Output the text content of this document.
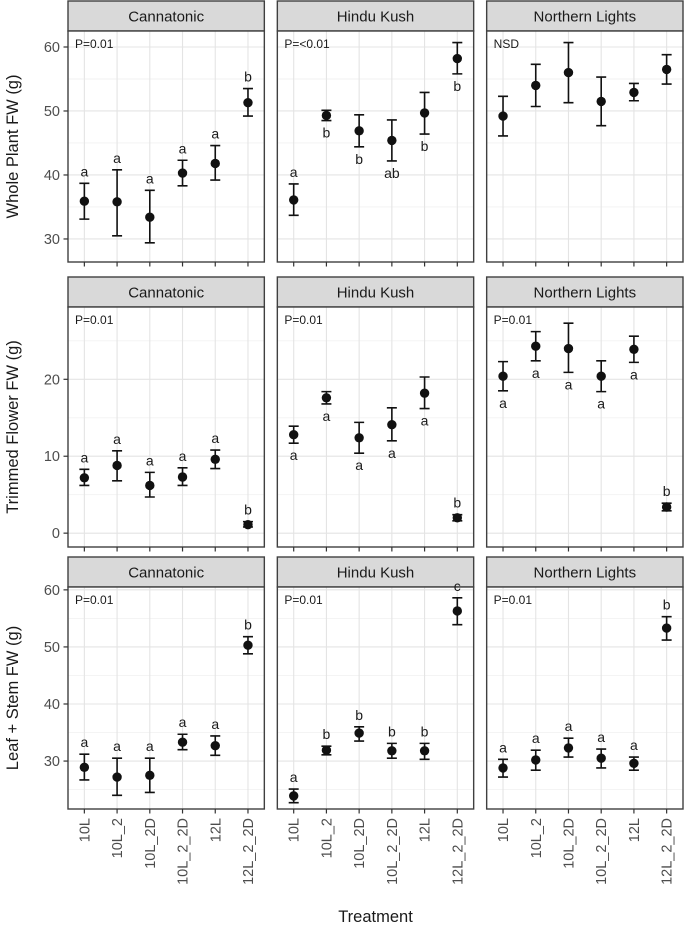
Cannatonic
30
40
50
60 P=0.01
a
a
a
a
a
b
Hindu Kush
P=<0.01
a
b
b
ab
b
b
Northern Lights
NSD
Whole Plant FW (g)
Cannatonic
0
10
20
P=0.01
a
a
a a
a
b
Hindu Kush
P=0.01
a
a
a
a
a
b
Northern Lights
P=0.01
a
a
a
a
a
b
Trimmed Flower FW (g)
Cannatonic
30
40
50
60
P=0.01
a a a
a a
b
Hindu Kush
P=0.01
a
b
b
b b
c
Northern Lights
P=0.01
a
a
a
a a
b
Leaf + Stem FW (g)
10L 10L_2 10L_2D 10L_2_2D 12L 12L_2_2D 10L 10L_2 10L_2D 10L_2_2D 12L 12L_2_2D 10L 10L_2 10L_2D 10L_2_2D 12L 12L_2_2D
Treatment
